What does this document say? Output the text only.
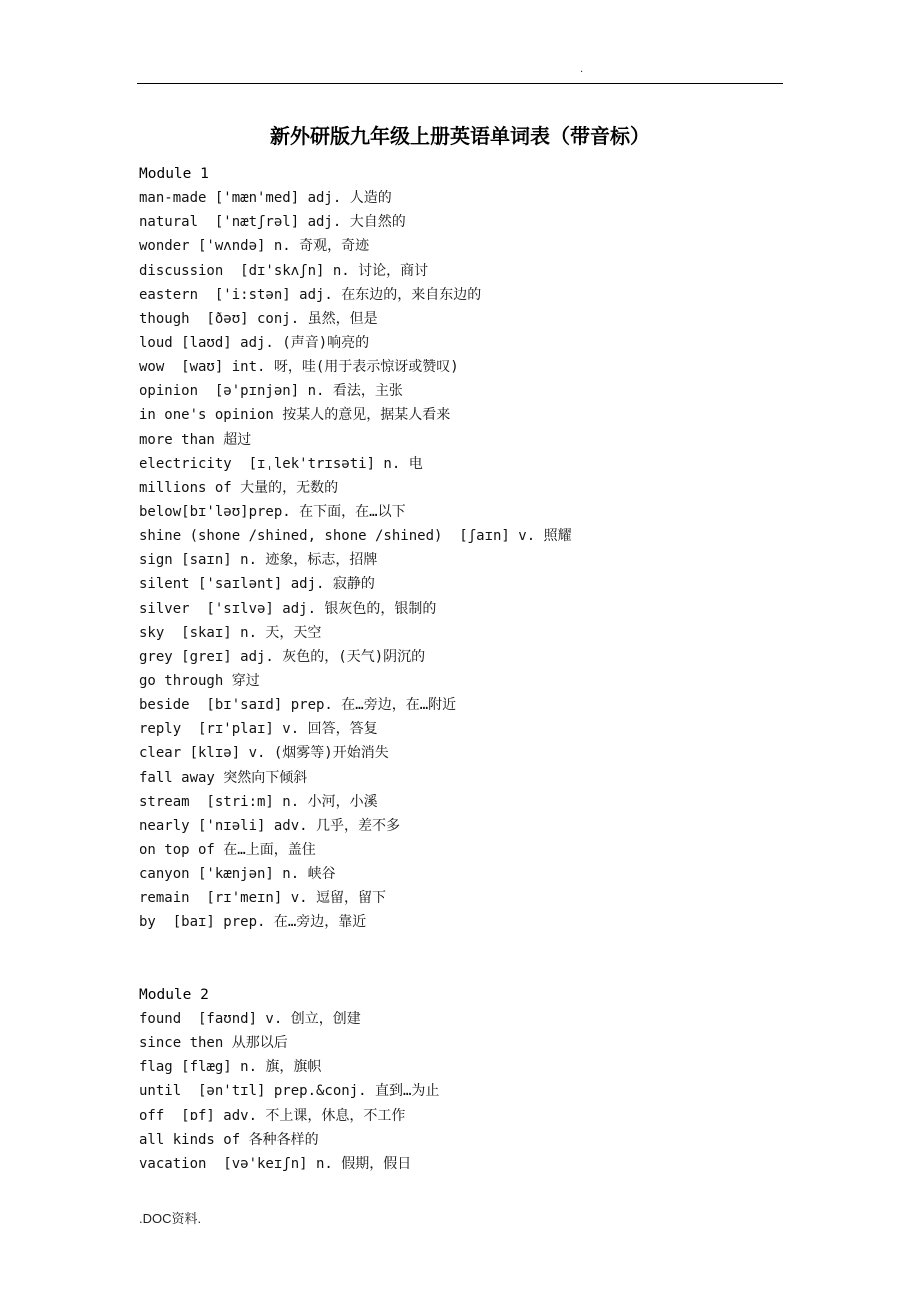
.
新外研版九年级上册英语单词表（带音标）
Module 1
man-made ['mæn'med] adj. 人造的
natural  ['nætʃrəl] adj. 大自然的
wonder ['wʌndə] n. 奇观，奇迹
discussion  [dɪ'skʌʃn] n. 讨论，商讨
eastern  ['i:stən] adj. 在东边的，来自东边的
though  [ðəʊ] conj. 虽然，但是
loud [laʊd] adj. (声音)响亮的
wow  [waʊ] int. 呀，哇(用于表示惊讶或赞叹)
opinion  [ə'pɪnjən] n. 看法，主张
in one's opinion 按某人的意见，据某人看来
more than 超过
electricity  [ɪˌlek'trɪsəti] n. 电
millions of 大量的，无数的
below[bɪ'ləʊ]prep. 在下面，在…以下
shine (shone /shined, shone /shined)  [ʃaɪn] v. 照耀
sign [saɪn] n. 迹象，标志，招牌
silent ['saɪlənt] adj. 寂静的
silver  ['sɪlvə] adj. 银灰色的，银制的
sky  [skaɪ] n. 天，天空
grey [greɪ] adj. 灰色的，(天气)阴沉的
go through 穿过
beside  [bɪ'saɪd] prep. 在…旁边，在…附近
reply  [rɪ'plaɪ] v. 回答，答复
clear [klɪə] v. (烟雾等)开始消失
fall away 突然向下倾斜
stream  [stri:m] n. 小河，小溪
nearly ['nɪəli] adv. 几乎，差不多
on top of 在…上面，盖住
canyon ['kænjən] n. 峡谷
remain  [rɪ'meɪn] v. 逗留，留下
by  [baɪ] prep. 在…旁边，靠近
Module 2
found  [faʊnd] v. 创立，创建
since then 从那以后
flag [flæg] n. 旗，旗帜
until  [ən'tɪl] prep.&conj. 直到…为止
off  [ɒf] adv. 不上课，休息，不工作
all kinds of 各种各样的
vacation  [və'keɪʃn] n. 假期，假日
.DOC资料.
